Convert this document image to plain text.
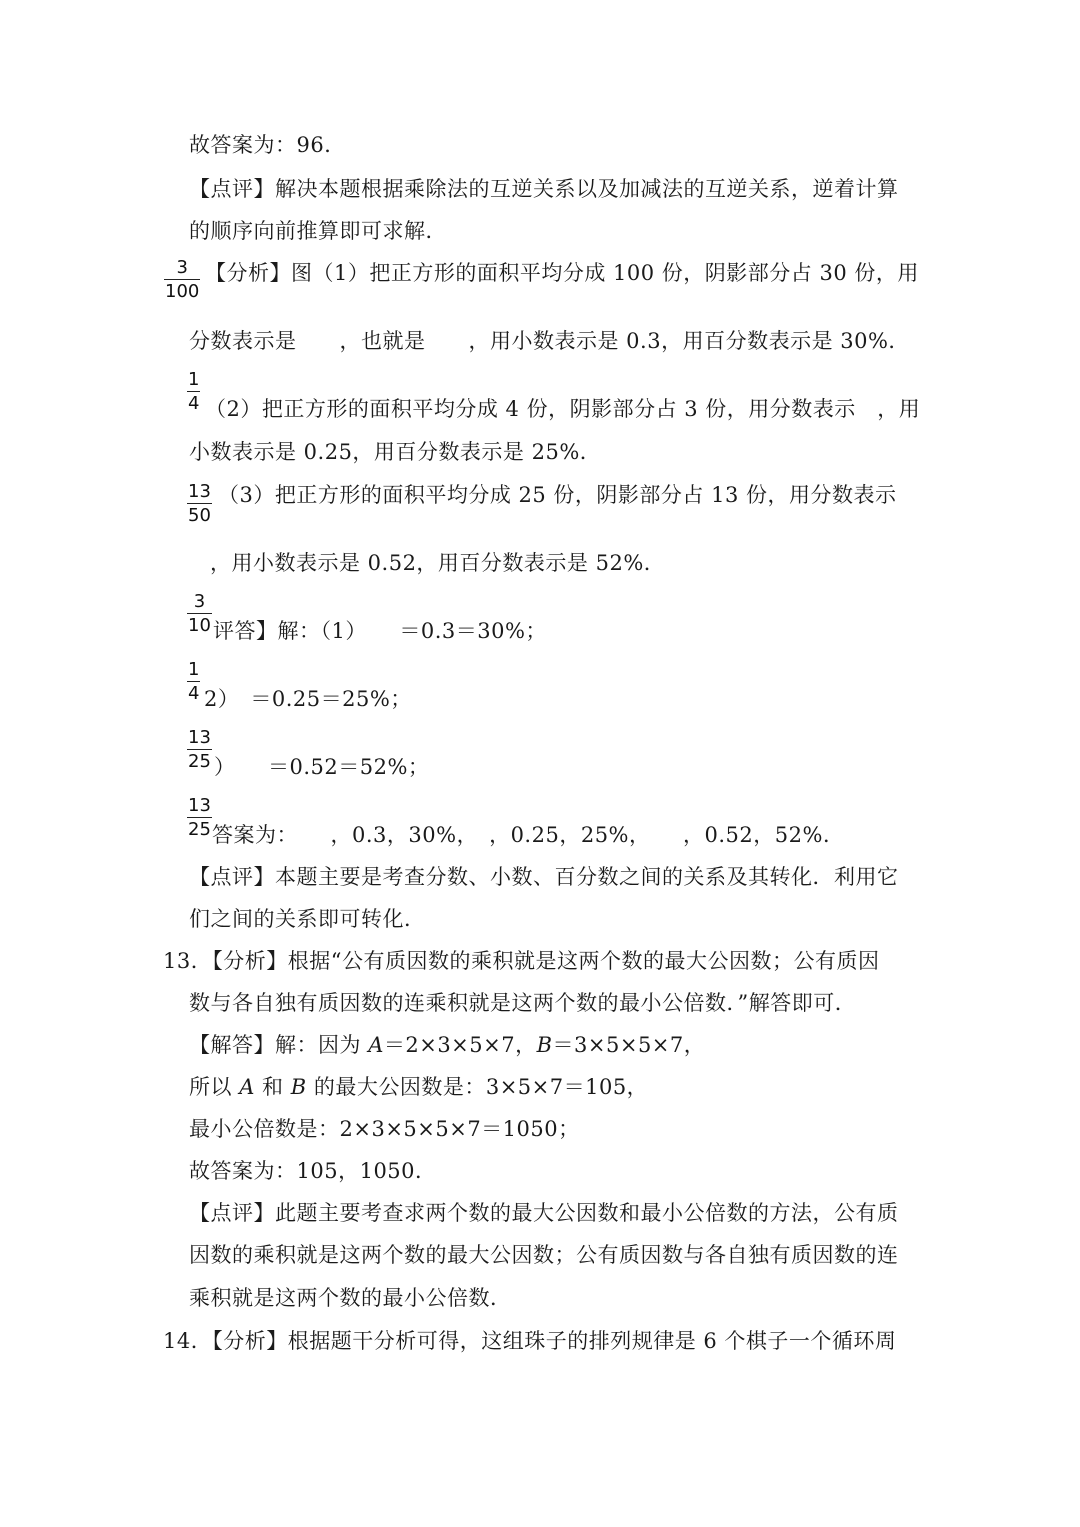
故答案为：96．
【点评】解决本题根据乘除法的互逆关系以及加减法的互逆关系，逆着计算
的顺序向前推算即可求解．
3
100
【分析】图（1）把正方形的面积平均分成 100 份，阴影部分占 30 份，用
分数表示是　　，也就是　　，用小数表示是 0.3，用百分数表示是 30%．
1
4 （2）把正方形的面积平均分成 4 份，阴影部分占 3 份，用分数表示　，用
小数表示是 0.25，用百分数表示是 25%．
13
50
（3）把正方形的面积平均分成 25 份，阴影部分占 13 份，用分数表示
，用小数表示是 0.52，用百分数表示是 52%．
3
10 评答】解：（1）　　＝0.3＝30%；
1
4 2）　＝0.25＝25%；
13
25 ）　　＝0.52＝52%；
13
25 答案为：　　，0.3，30%，　，0.25，25%，　　，0.52，52%．
【点评】本题主要是考查分数、小数、百分数之间的关系及其转化．利用它
们之间的关系即可转化．
13．【分析】根据“公有质因数的乘积就是这两个数的最大公因数；公有质因
数与各自独有质因数的连乘积就是这两个数的最小公倍数．”解答即可．
【解答】解：因为 A＝2×3×5×7，B＝3×5×5×7，
所以 A 和 B 的最大公因数是：3×5×7＝105，
最小公倍数是：2×3×5×5×7＝1050；
故答案为：105，1050．
【点评】此题主要考查求两个数的最大公因数和最小公倍数的方法，公有质
因数的乘积就是这两个数的最大公因数；公有质因数与各自独有质因数的连
乘积就是这两个数的最小公倍数．
14．【分析】根据题干分析可得，这组珠子的排列规律是 6 个棋子一个循环周
